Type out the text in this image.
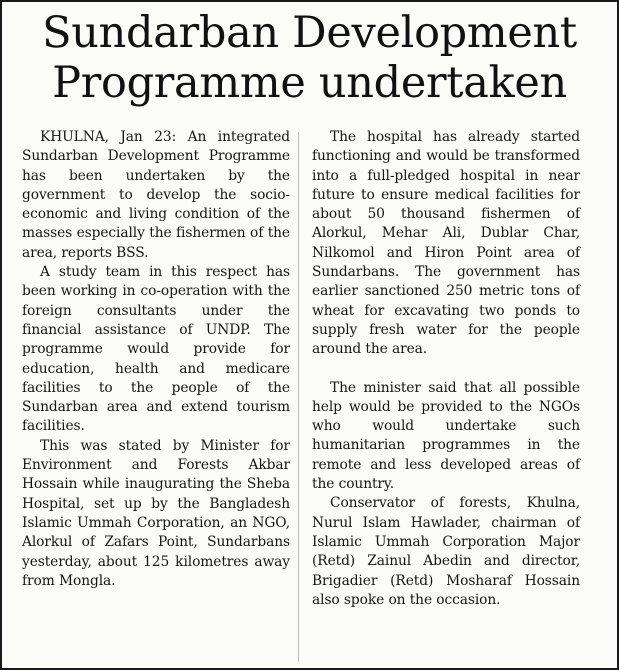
Sundarban Development
Programme undertaken

KHULNA, Jan 23: An integrated Sundarban Development Programme has been undertaken by the government to develop the socio-economic and living condition of the masses especially the fishermen of the area, reports BSS.

A study team in this respect has been working in co-operation with the foreign consultants under the financial assistance of UNDP. The programme would provide for education, health and medicare facilities to the people of the Sundarban area and extend tourism facilities.

This was stated by Minister for Environment and Forests Akbar Hossain while inaugurating the Sheba Hospital, set up by the Bangladesh Islamic Ummah Corporation, an NGO, Alorkul of Zafars Point, Sundarbans yesterday, about 125 kilometres away from Mongla.

The hospital has already started functioning and would be transformed into a full-pledged hospital in near future to ensure medical facilities for about 50 thousand fishermen of Alorkul, Mehar Ali, Dublar Char, Nilkomol and Hiron Point area of Sundarbans. The government has earlier sanctioned 250 metric tons of wheat for excavating two ponds to supply fresh water for the people around the area.

The minister said that all possible help would be provided to the NGOs who would undertake such humanitarian programmes in the remote and less developed areas of the country.

Conservator of forests, Khulna, Nurul Islam Hawlader, chairman of Islamic Ummah Corporation Major (Retd) Zainul Abedin and director, Brigadier (Retd) Mosharaf Hossain also spoke on the occasion.
